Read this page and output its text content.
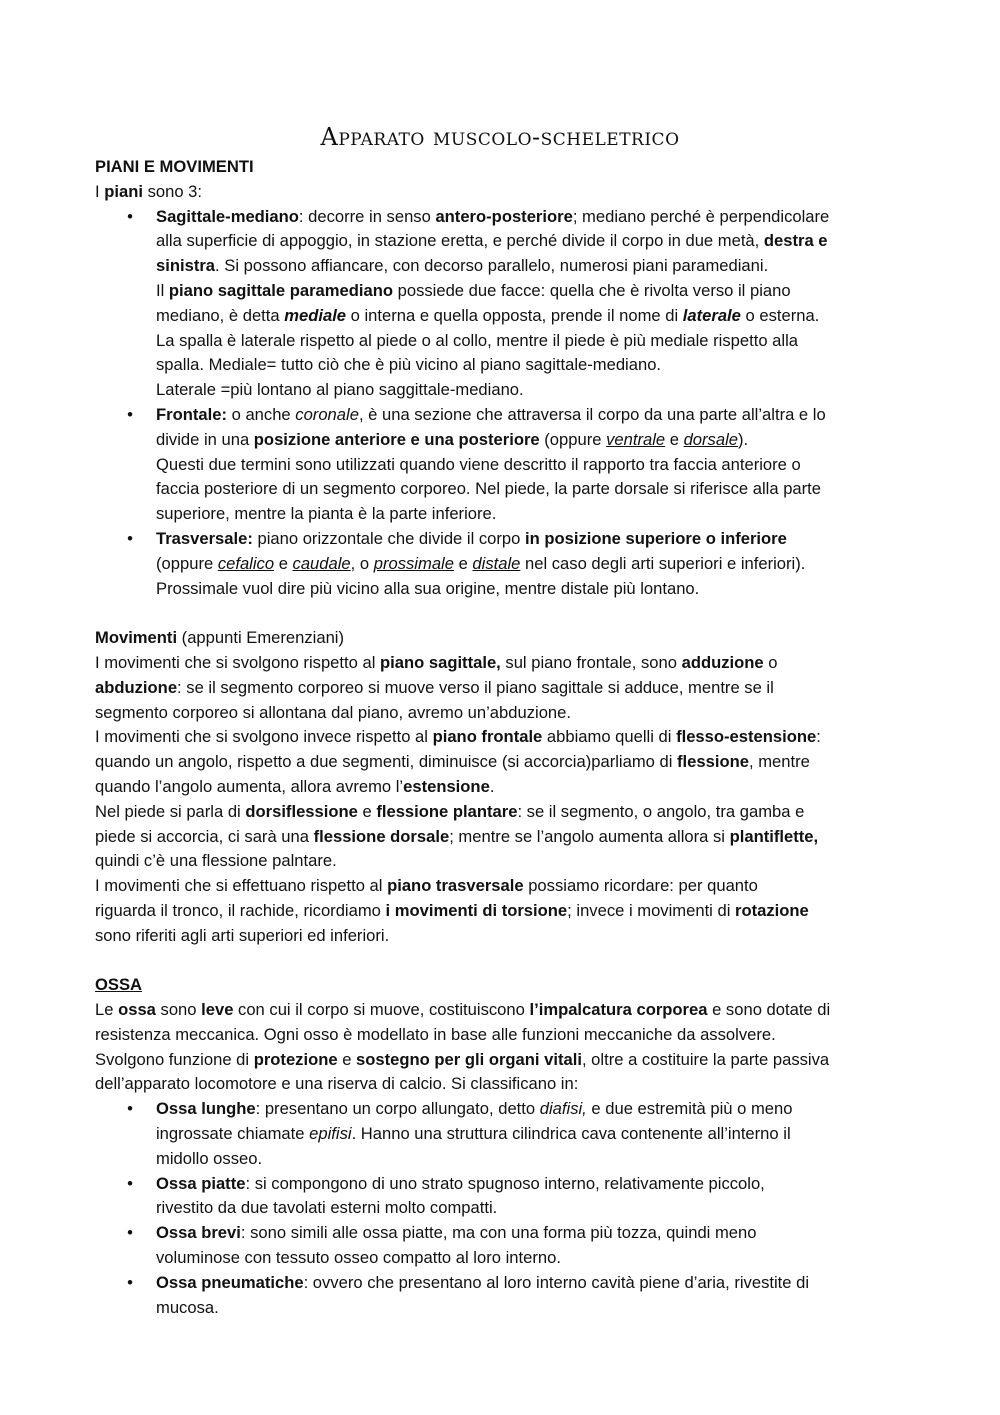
Apparato muscolo-scheletrico
PIANI E MOVIMENTI
I piani sono 3:
• Sagittale-mediano: decorre in senso antero-posteriore; mediano perché è perpendicolare
alla superficie di appoggio, in stazione eretta, e perché divide il corpo in due metà, destra e
sinistra. Si possono affiancare, con decorso parallelo, numerosi piani paramediani.
Il piano sagittale paramediano possiede due facce: quella che è rivolta verso il piano
mediano, è detta mediale o interna e quella opposta, prende il nome di laterale o esterna.
La spalla è laterale rispetto al piede o al collo, mentre il piede è più mediale rispetto alla
spalla. Mediale= tutto ciò che è più vicino al piano sagittale-mediano.
Laterale =più lontano al piano saggittale-mediano.
• Frontale: o anche coronale, è una sezione che attraversa il corpo da una parte all’altra e lo
divide in una posizione anteriore e una posteriore (oppure ventrale e dorsale).
Questi due termini sono utilizzati quando viene descritto il rapporto tra faccia anteriore o
faccia posteriore di un segmento corporeo. Nel piede, la parte dorsale si riferisce alla parte
superiore, mentre la pianta è la parte inferiore.
• Trasversale: piano orizzontale che divide il corpo in posizione superiore o inferiore
(oppure cefalico e caudale, o prossimale e distale nel caso degli arti superiori e inferiori).
Prossimale vuol dire più vicino alla sua origine, mentre distale più lontano.
Movimenti (appunti Emerenziani)
I movimenti che si svolgono rispetto al piano sagittale, sul piano frontale, sono adduzione o
abduzione: se il segmento corporeo si muove verso il piano sagittale si adduce, mentre se il
segmento corporeo si allontana dal piano, avremo un’abduzione.
I movimenti che si svolgono invece rispetto al piano frontale abbiamo quelli di flesso-estensione:
quando un angolo, rispetto a due segmenti, diminuisce (si accorcia)parliamo di flessione, mentre
quando l’angolo aumenta, allora avremo l’estensione.
Nel piede si parla di dorsiflessione e flessione plantare: se il segmento, o angolo, tra gamba e
piede si accorcia, ci sarà una flessione dorsale; mentre se l’angolo aumenta allora si plantiflette,
quindi c’è una flessione palntare.
I movimenti che si effettuano rispetto al piano trasversale possiamo ricordare: per quanto
riguarda il tronco, il rachide, ricordiamo i movimenti di torsione; invece i movimenti di rotazione
sono riferiti agli arti superiori ed inferiori.
OSSA
Le ossa sono leve con cui il corpo si muove, costituiscono l’impalcatura corporea e sono dotate di
resistenza meccanica. Ogni osso è modellato in base alle funzioni meccaniche da assolvere.
Svolgono funzione di protezione e sostegno per gli organi vitali, oltre a costituire la parte passiva
dell’apparato locomotore e una riserva di calcio. Si classificano in:
• Ossa lunghe: presentano un corpo allungato, detto diafisi, e due estremità più o meno
ingrossate chiamate epifisi. Hanno una struttura cilindrica cava contenente all’interno il
midollo osseo.
• Ossa piatte: si compongono di uno strato spugnoso interno, relativamente piccolo,
rivestito da due tavolati esterni molto compatti.
• Ossa brevi: sono simili alle ossa piatte, ma con una forma più tozza, quindi meno
voluminose con tessuto osseo compatto al loro interno.
• Ossa pneumatiche: ovvero che presentano al loro interno cavità piene d’aria, rivestite di
mucosa.
